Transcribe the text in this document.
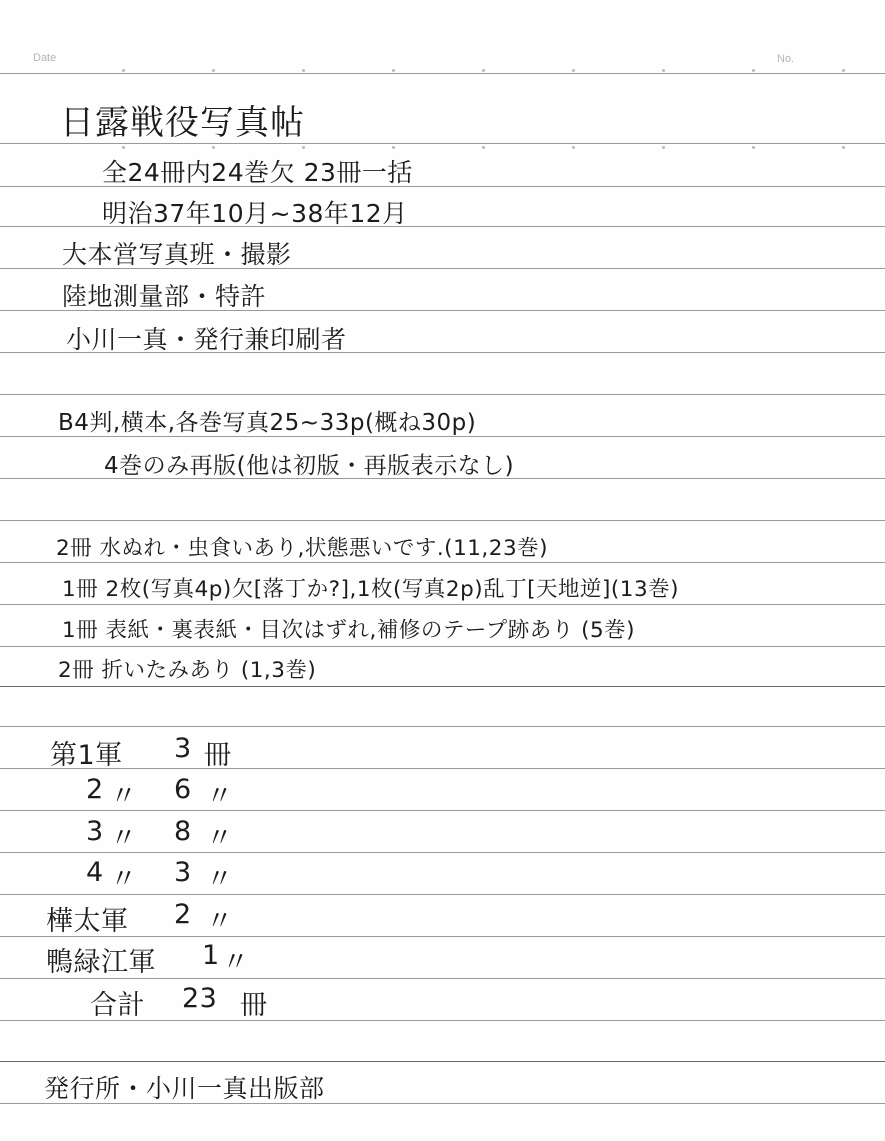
Date	No.
日露戦役写真帖
全24冊内24巻欠 23冊一括
明治37年10月~38年12月
大本営写真班・撮影
陸地測量部・特許
小川一真・発行兼印刷者
B4判,横本,各巻写真25~33p(概ね30p)
4巻のみ再版(他は初版・再版表示なし)
2冊 水ぬれ・虫食いあり,状態悪いです.(11,23巻)
1冊 2枚(写真4p)欠[落丁か?],1枚(写真2p)乱丁[天地逆](13巻)
1冊 表紙・裏表紙・目次はずれ,補修のテープ跡あり (5巻)
2冊 折いたみあり (1,3巻)
第1軍 3 冊
2 〃 6 〃
3 〃 8 〃
4 〃 3 〃
樺太軍 2 〃
鴨緑江軍 1 〃
合計 23 冊
発行所・小川一真出版部
